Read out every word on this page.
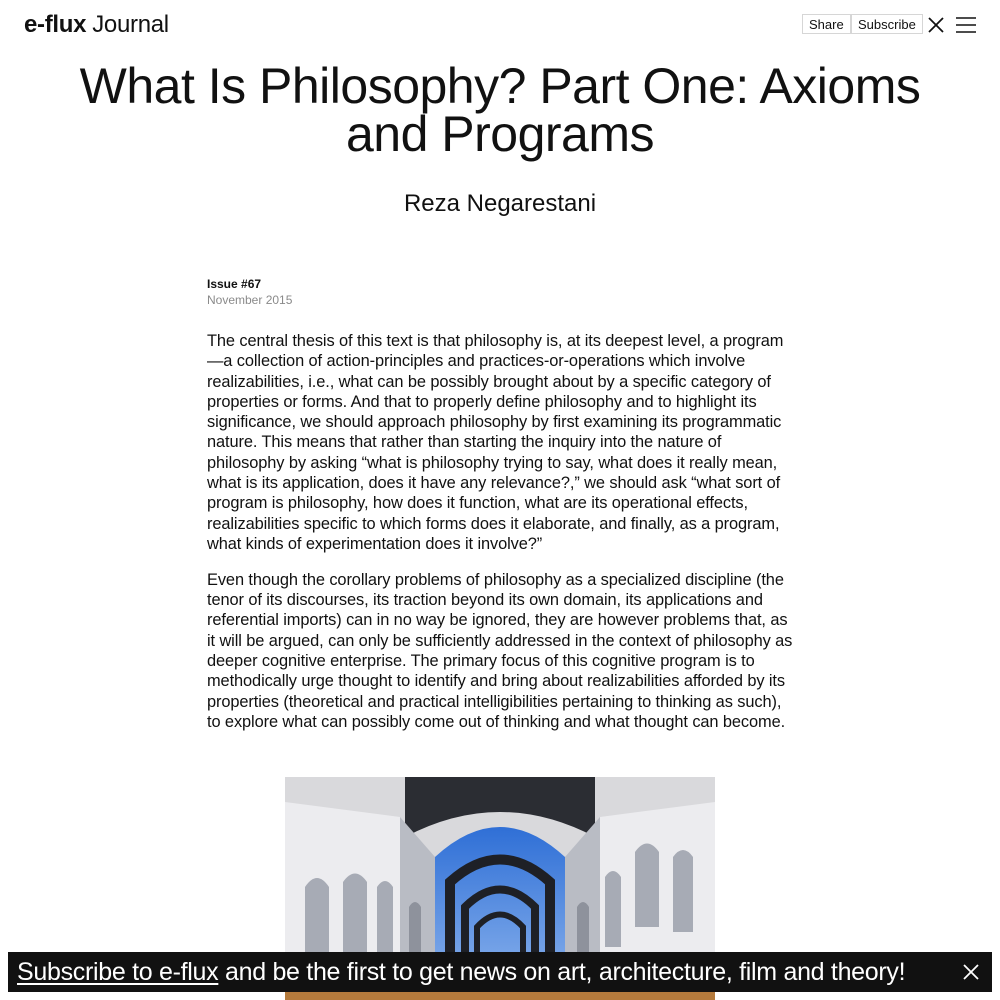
e-flux Journal	Share	Subscribe
What Is Philosophy? Part One: Axioms and Programs
Reza Negarestani
Issue #67
November 2015

The central thesis of this text is that philosophy is, at its deepest level, a program—a collection of action-principles and practices-or-operations which involve realizabilities, i.e., what can be possibly brought about by a specific category of properties or forms. And that to properly define philosophy and to highlight its significance, we should approach philosophy by first examining its programmatic nature. This means that rather than starting the inquiry into the nature of philosophy by asking “what is philosophy trying to say, what does it really mean, what is its application, does it have any relevance?,” we should ask “what sort of program is philosophy, how does it function, what are its operational effects, realizabilities specific to which forms does it elaborate, and finally, as a program, what kinds of experimentation does it involve?”

Even though the corollary problems of philosophy as a specialized discipline (the tenor of its discourses, its traction beyond its own domain, its applications and referential imports) can in no way be ignored, they are however problems that, as it will be argued, can only be sufficiently addressed in the context of philosophy as deeper cognitive enterprise. The primary focus of this cognitive program is to methodically urge thought to identify and bring about realizabilities afforded by its properties (theoretical and practical intelligibilities pertaining to thinking as such), to explore what can possibly come out of thinking and what thought can become.

Subscribe to e-flux and be the first to get news on art, architecture, film and theory!
